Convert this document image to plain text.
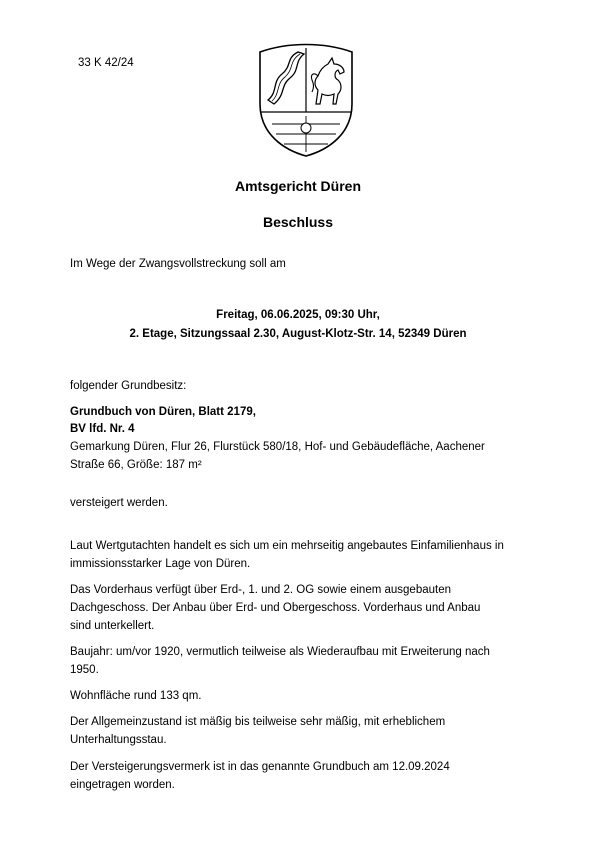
33 K 42/24
Amtsgericht Düren
Beschluss
Im Wege der Zwangsvollstreckung soll am
Freitag, 06.06.2025, 09:30 Uhr,
2. Etage, Sitzungssaal 2.30, August-Klotz-Str. 14, 52349 Düren
folgender Grundbesitz:
Grundbuch von Düren, Blatt 2179,
BV lfd. Nr. 4
Gemarkung Düren, Flur 26, Flurstück 580/18, Hof- und Gebäudefläche, Aachener
Straße 66, Größe: 187 m²
versteigert werden.
Laut Wertgutachten handelt es sich um ein mehrseitig angebautes Einfamilienhaus in
immissionsstarker Lage von Düren.
Das Vorderhaus verfügt über Erd-, 1. und 2. OG sowie einem ausgebauten
Dachgeschoss. Der Anbau über Erd- und Obergeschoss. Vorderhaus und Anbau
sind unterkellert.
Baujahr: um/vor 1920, vermutlich teilweise als Wiederaufbau mit Erweiterung nach
1950.
Wohnfläche rund 133 qm.
Der Allgemeinzustand ist mäßig bis teilweise sehr mäßig, mit erheblichem
Unterhaltungsstau.
Der Versteigerungsvermerk ist in das genannte Grundbuch am 12.09.2024
eingetragen worden.
